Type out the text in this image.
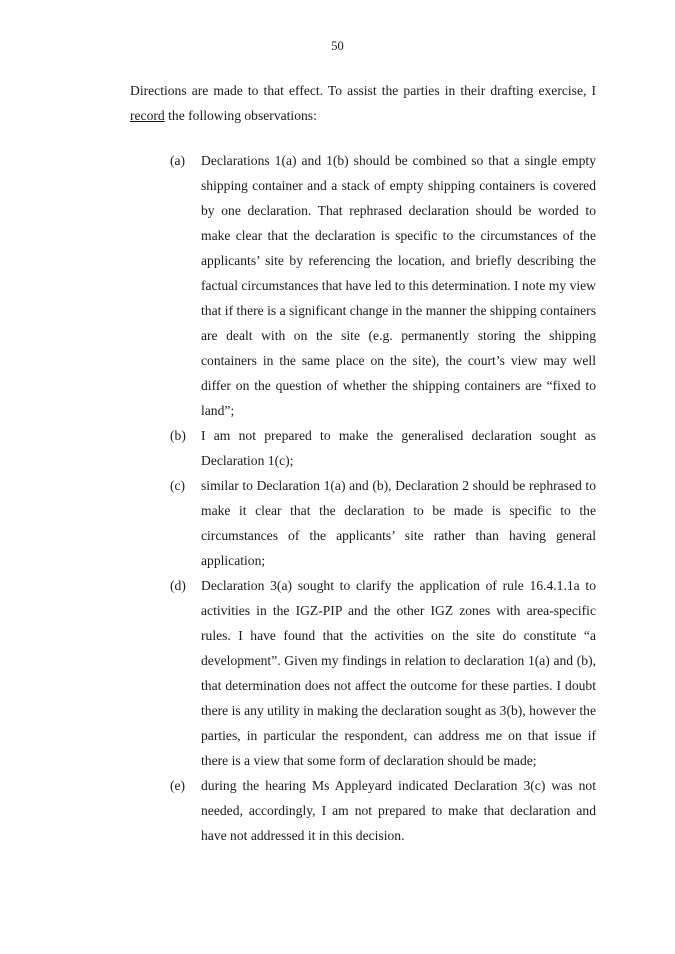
50

Directions are made to that effect. To assist the parties in their drafting exercise, I record the following observations:

(a) Declarations 1(a) and 1(b) should be combined so that a single empty shipping container and a stack of empty shipping containers is covered by one declaration. That rephrased declaration should be worded to make clear that the declaration is specific to the circumstances of the applicants’ site by referencing the location, and briefly describing the factual circumstances that have led to this determination. I note my view that if there is a significant change in the manner the shipping containers are dealt with on the site (e.g. permanently storing the shipping containers in the same place on the site), the court’s view may well differ on the question of whether the shipping containers are “fixed to land”;
(b) I am not prepared to make the generalised declaration sought as Declaration 1(c);
(c) similar to Declaration 1(a) and (b), Declaration 2 should be rephrased to make it clear that the declaration to be made is specific to the circumstances of the applicants’ site rather than having general application;
(d) Declaration 3(a) sought to clarify the application of rule 16.4.1.1a to activities in the IGZ-PIP and the other IGZ zones with area-specific rules. I have found that the activities on the site do constitute “a development”. Given my findings in relation to declaration 1(a) and (b), that determination does not affect the outcome for these parties. I doubt there is any utility in making the declaration sought as 3(b), however the parties, in particular the respondent, can address me on that issue if there is a view that some form of declaration should be made;
(e) during the hearing Ms Appleyard indicated Declaration 3(c) was not needed, accordingly, I am not prepared to make that declaration and have not addressed it in this decision.
